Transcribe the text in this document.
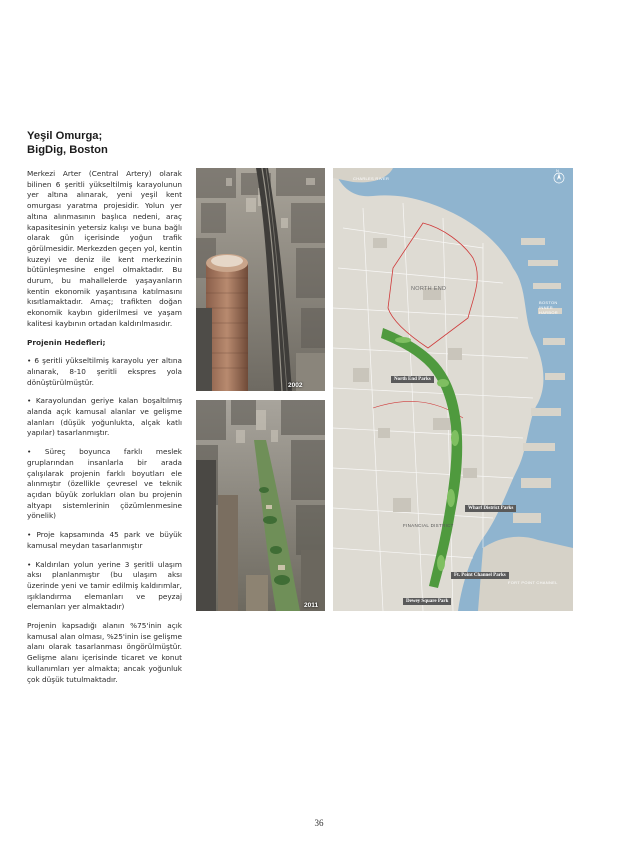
Yeşil Omurga;
BigDig, Boston

Merkezi Arter (Central Artery) olarak bilinen 6 şeritli yükseltilmiş karayolunun yer altına alınarak, yeni yeşil kent omurgası yaratma projesidir. Yolun yer altına alınmasının başlıca nedeni, araç kapasitesinin yetersiz kalışı ve buna bağlı olarak gün içerisinde yoğun trafik görülmesidir. Merkezden geçen yol, kentin kuzeyi ve deniz ile kent merkezinin bütünleşmesine engel olmaktadır. Bu durum, bu mahallelerde yaşayanların kentin ekonomik yaşantısına katılmasını kısıtlamaktadır. Amaç; trafikten doğan ekonomik kaybın giderilmesi ve yaşam kalitesi kaybının ortadan kaldırılmasıdır.

Projenin Hedefleri;

• 6 şeritli yükseltilmiş karayolu yer altına alınarak, 8-10 şeritli ekspres yola dönüştürülmüştür.

• Karayolundan geriye kalan boşaltılmış alanda açık kamusal alanlar ve gelişme alanları (düşük yoğunlukta, alçak katlı yapılar) tasarlanmıştır.

• Süreç boyunca farklı meslek gruplarından insanlarla bir arada çalışılarak projenin farklı boyutları ele alınmıştır (özellikle çevresel ve teknik açıdan büyük zorlukları olan bu projenin altyapı sistemlerinin çözümlenmesine yönelik)

• Proje kapsamında 45 park ve büyük kamusal meydan tasarlanmıştır

• Kaldırılan yolun yerine 3 şeritli ulaşım aksı planlanmıştır (bu ulaşım aksı üzerinde yeni ve tamir edilmiş kaldırımlar, ışıklandırma elemanları ve peyzaj elemanları yer almaktadır)

Projenin kapsadığı alanın %75'inin açık kamusal alan olması, %25'inin ise gelişme alanı olarak tasarlanması öngörülmüştür. Gelişme alanı içerisinde ticaret ve konut kullanımları yer almakta; ancak yoğunluk çok düşük tutulmaktadır.

2002
2011
CHARLES RIVER
N
NORTH END
FINANCIAL DISTRICT
BOSTON INNER HARBOR
FORT POINT CHANNEL
North End Parks
Wharf District Parks
Ft. Point Channel Parks
Dewey Square Park
36
